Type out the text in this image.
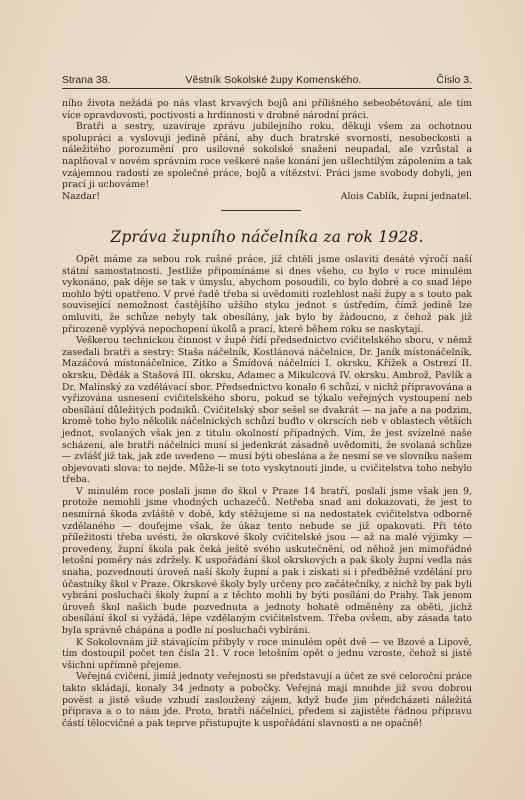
Strana 38.	Věstník Sokolské župy Komenského.	Číslo 3.

ního života nežádá po nás vlast krvavých bojů ani přílišného sebeobětování, ale tím více opravdovosti, poctivosti a hrdinnosti v drobné národní práci.

Bratři a sestry, uzavíraje zprávu jubilejního roku, děkuji všem za ochotnou spolupráci a vyslovuji jedině přání, aby duch bratrské svornosti, nesobeckosti a náležitého porozumění pro usilovné sokolské snažení neupadal, ale vzrůstal a naplňoval v novém správním roce veškeré naše konání jen ušlechtilým zápolením a tak vzájemnou radostí ze společné práce, bojů a vítězství. Práci jsme svobody dobyli, jen prací ji uchováme!

Nazdar!	Alois Cablík, župní jednatel.
Zpráva župního náčelníka za rok 1928.

Opět máme za sebou rok rušné práce, jíž chtěli jsme oslaviti desáté výročí naší státní samostatnosti. Jestliže připomínáme si dnes všeho, co bylo v roce minulém vykonáno, pak děje se tak v úmyslu, abychom posoudili, co bylo dobré a co snad lépe mohlo býti opatřeno. V prvé řadě třeba si uvědomiti rozlehlost naší župy a s touto pak související nemožnost častějšího užšího styku jednot s ústředím, čímž jedině lze omluviti, že schůze nebyly tak obesílány, jak bylo by žádoucno, z čehož pak již přirozeně vyplývá nepochopení úkolů a prací, které během roku se naskytají.

Veškerou technickou činnost v župě řídí předsednictvo cvičitelského sboru, v němž zasedali bratři a sestry: Staša náčelník, Kostlánová náčelnice, Dr. Janík místonáčelník, Mazáčová místonáčelnice, Zítko a Šmídová náčelníci I. okrsku, Křížek a Ostrezí II. okrsku, Dědák a Stašová III. okrsku, Adamec a Mikulcová IV. okrsku. Ambrož, Pavlík a Dr. Malínský za vzdělávací sbor. Předsednictvo konalo 6 schůzí, v nichž připravována a vyřizována usnesení cvičitelského sboru, pokud se týkalo veřejných vystoupení neb obesílání důležitých podniků. Cvičitelský sbor sešel se dvakrát — na jaře a na podzim, kromě toho bylo několik náčelnických schůzí buďto v okrscích neb v oblastech větších jednot, svolaných však jen z titulu okolností případných. Vím, že jest svízelné naše scházení, ale bratři náčelníci musí si jedenkrát zásadně uvědomiti, že svolaná schůze — zvlášť již tak, jak zde uvedeno — musí býti obeslána a že nesmí se ve slovníku našem objevovati slova: to nejde. Může-li se toto vyskytnouti jinde, u cvičitelstva toho nebylo třeba.

V minulém roce poslali jsme do škol v Praze 14 bratří, poslali jsme však jen 9, protože nemohli jsme vhodných uchazečů. Netřeba snad ani dokazovati, že jest to nesmírná škoda zvláště v době, kdy stěžujeme si na nedostatek cvičitelstva odborně vzdělaného — doufejme však, že úkaz tento nebude se již opakovati. Při této příležitosti třeba uvésti, že okrskové školy cvičitelské jsou — až na malé výjimky — provedeny, župní škola pak čeká ještě svého uskutečnění, od něhož jen mimořádné letošní poměry nás zdržely. K uspořádání škol okrskových a pak školy župní vedla nás snaha, pozvednouti úroveň naší školy župní a pak i získati si i předběžné vzdělání pro účastníky škol v Praze. Okrskové školy byly určeny pro začátečníky, z nichž by pak byli vybráni posluchači školy župní a z těchto mohli by býti posíláni do Prahy. Tak jenom úroveň škol našich bude pozvednuta a jednoty bohatě odměněny za oběti, jichž obesílání škol si vyžádá, lépe vzdělaným cvičitelstvem. Třeba ovšem, aby zásada tato byla správně chápána a podle ní posluchači vybíráni.

K Sokolovnám již stávajícím přibyly v roce minulém opět dvě — ve Bzové a Lipově, tím dostoupil počet ten čísla 21. V roce letošním opět o jednu vzroste, čehož si jistě všichni upřímně přejeme.

Veřejná cvičení, jimiž jednoty veřejnosti se představují a účet ze své celoroční práce takto skládají, konaly 34 jednoty a pobočky. Veřejná mají mnohde již svou dobrou pověst a jistě všude vzbudí zasloužený zájem, když bude jim předcházeti náležitá příprava a o to nám jde. Proto, bratři náčelníci, předem si zajistěte řádnou přípravu částí tělocvičné a pak teprve přistupujte k uspořádání slavnosti a ne opačně!
